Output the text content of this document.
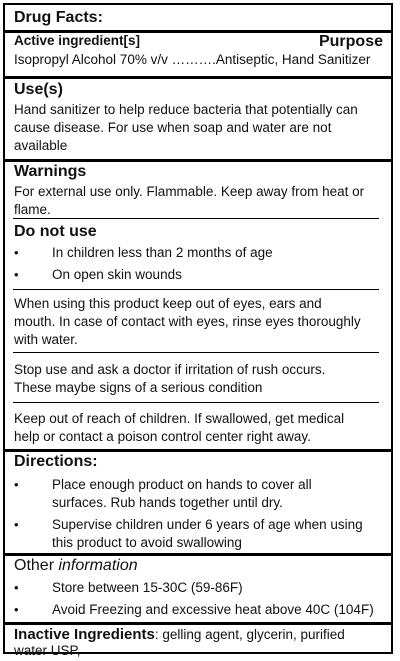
Drug Facts:
Active ingredient[s]	Purpose
Isopropyl Alcohol 70% v/v ……….Antiseptic, Hand Sanitizer
Use(s)
Hand sanitizer to help reduce bacteria that potentially can
cause disease. For use when soap and water are not
available
Warnings
For external use only. Flammable. Keep away from heat or
flame.
Do not use
• In children less than 2 months of age
• On open skin wounds
When using this product keep out of eyes, ears and
mouth. In case of contact with eyes, rinse eyes thoroughly
with water.
Stop use and ask a doctor if irritation of rush occurs.
These maybe signs of a serious condition
Keep out of reach of children. If swallowed, get medical
help or contact a poison control center right away.
Directions:
• Place enough product on hands to cover all
surfaces. Rub hands together until dry.
• Supervise children under 6 years of age when using
this product to avoid swallowing
Other information
• Store between 15-30C (59-86F)
• Avoid Freezing and excessive heat above 40C (104F)
Inactive Ingredients: gelling agent, glycerin, purified
water USP,
